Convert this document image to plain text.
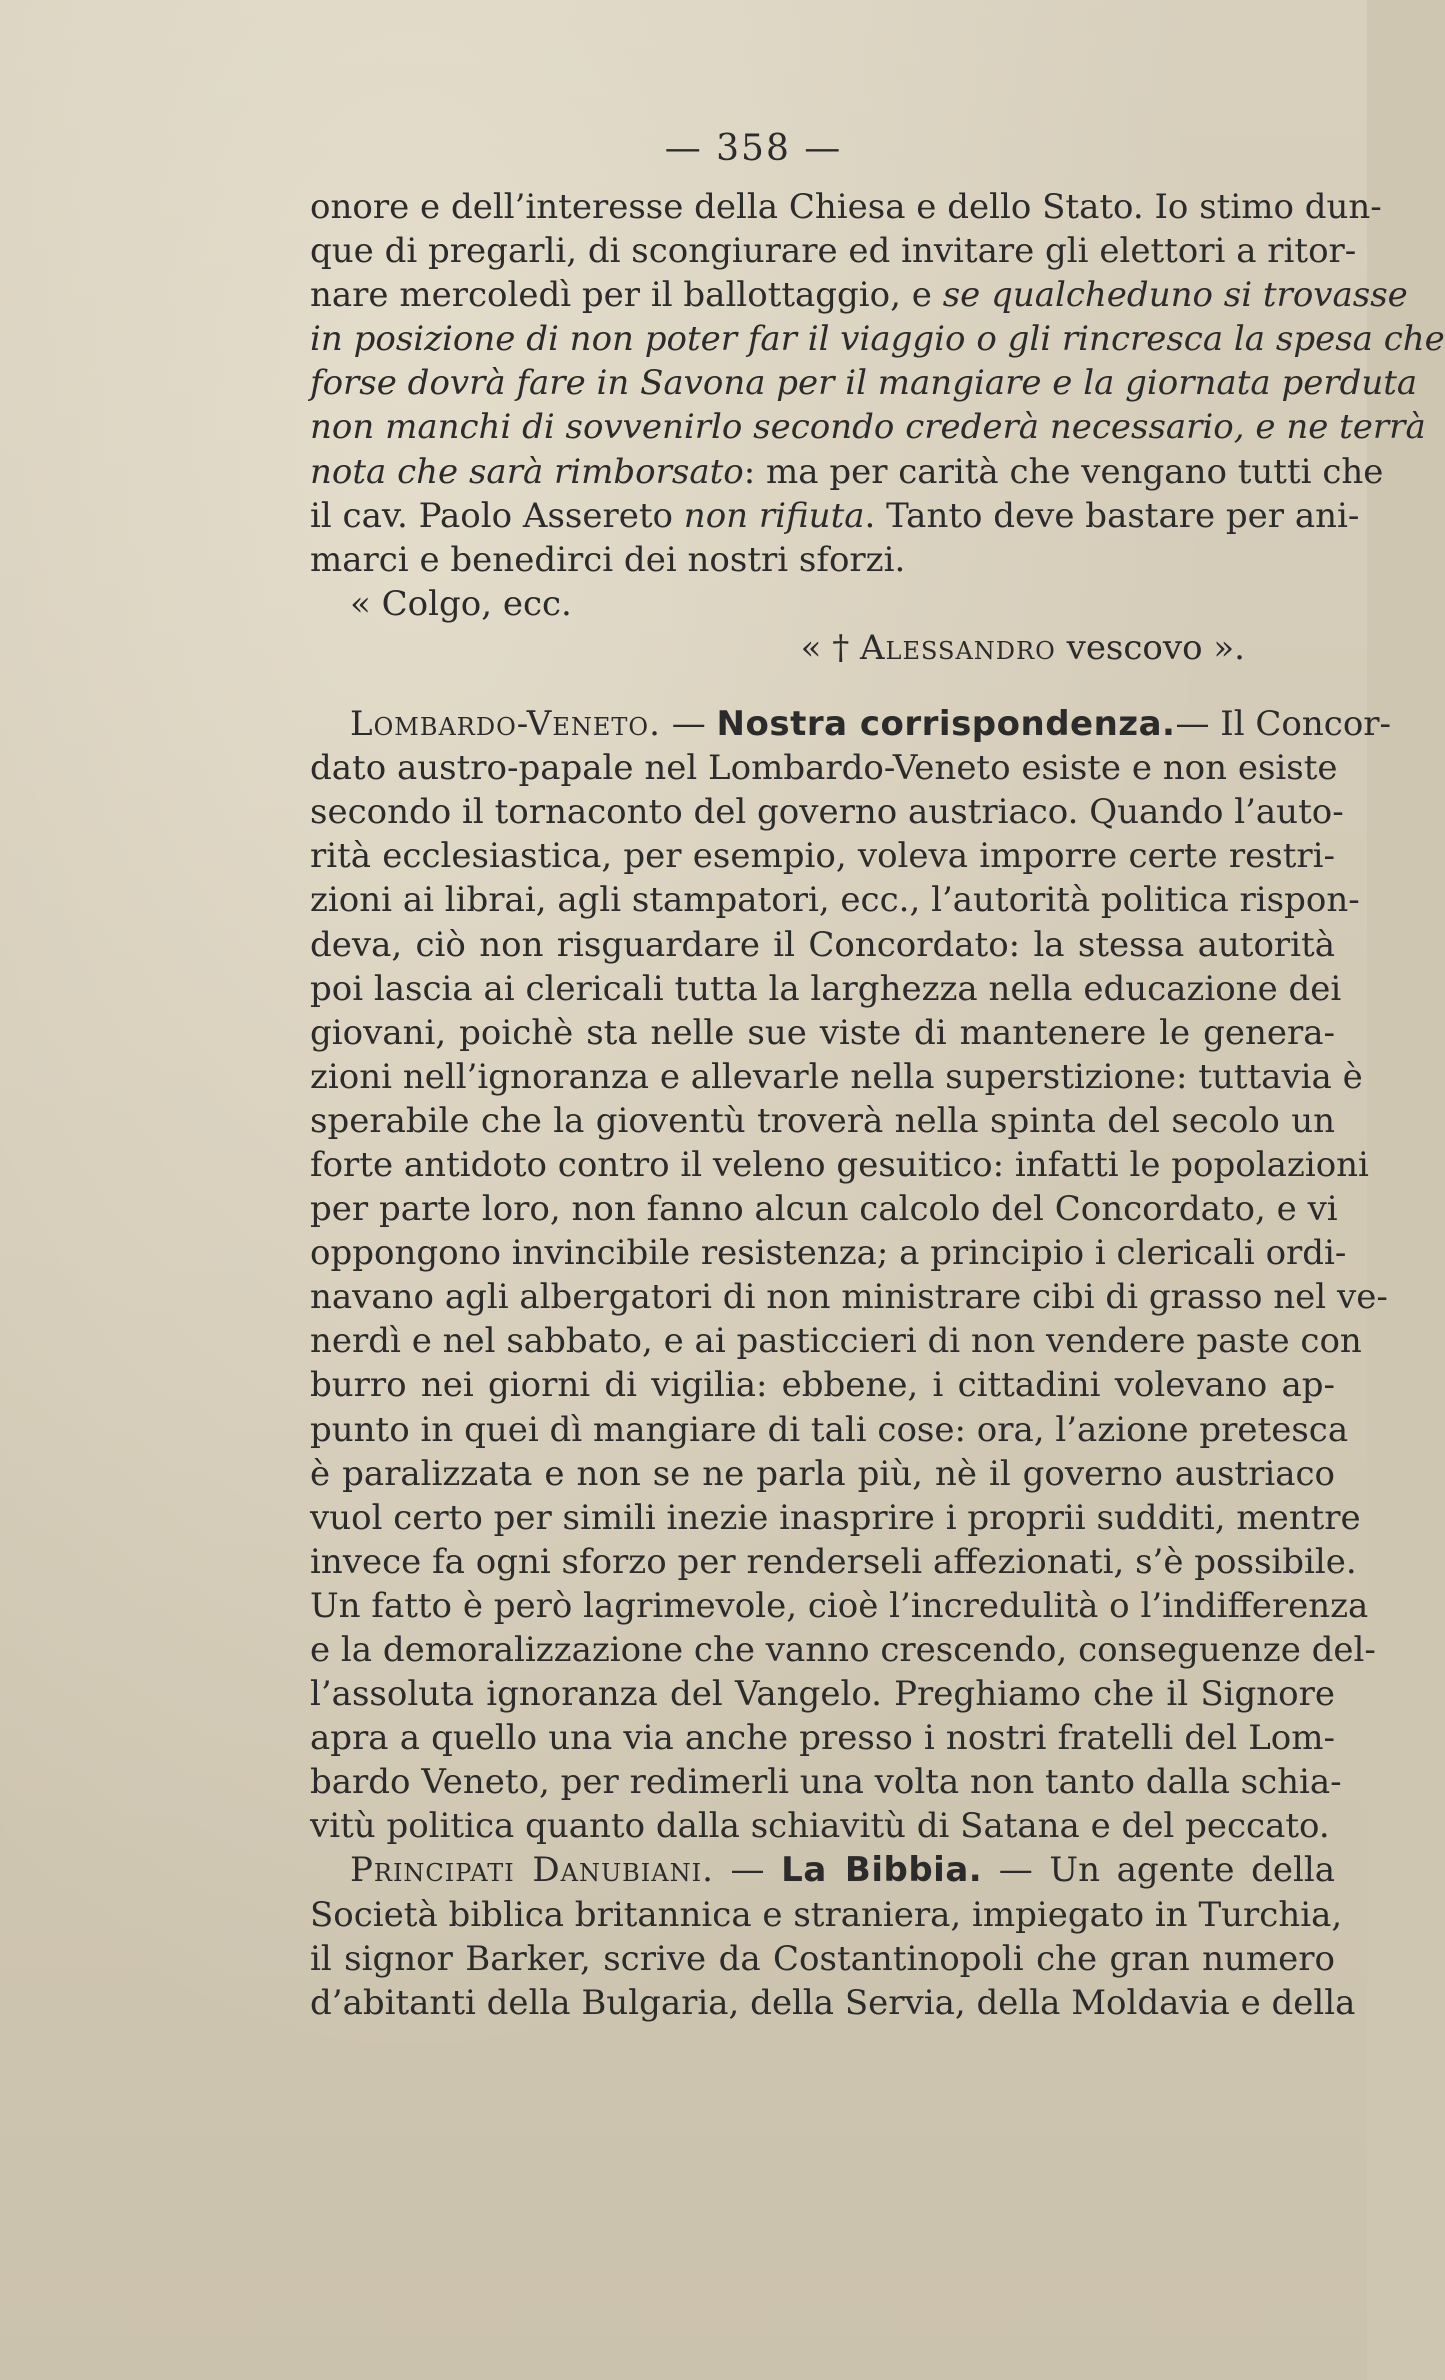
— 358 —
onore e dell’interesse della Chiesa e dello Stato. Io stimo dun-
que di pregarli, di scongiurare ed invitare gli elettori a ritor-
nare mercoledì per il ballottaggio, e se qualcheduno si trovasse
in posizione di non poter far il viaggio o gli rincresca la spesa che
forse dovrà fare in Savona per il mangiare e la giornata perduta
non manchi di sovvenirlo secondo crederà necessario, e ne terrà
nota che sarà rimborsato: ma per carità che vengano tutti che
il cav. Paolo Assereto non rifiuta. Tanto deve bastare per ani-
marci e benedirci dei nostri sforzi.
« Colgo, ecc.
« † Alessandro vescovo ».
Lombardo-Veneto. — Nostra corrispondenza.— Il Concor-
dato austro-papale nel Lombardo-Veneto esiste e non esiste
secondo il tornaconto del governo austriaco. Quando l’auto-
rità ecclesiastica, per esempio, voleva imporre certe restri-
zioni ai librai, agli stampatori, ecc., l’autorità politica rispon-
deva, ciò non risguardare il Concordato: la stessa autorità
poi lascia ai clericali tutta la larghezza nella educazione dei
giovani, poichè sta nelle sue viste di mantenere le genera-
zioni nell’ignoranza e allevarle nella superstizione: tuttavia è
sperabile che la gioventù troverà nella spinta del secolo un
forte antidoto contro il veleno gesuitico: infatti le popolazioni
per parte loro, non fanno alcun calcolo del Concordato, e vi
oppongono invincibile resistenza; a principio i clericali ordi-
navano agli albergatori di non ministrare cibi di grasso nel ve-
nerdì e nel sabbato, e ai pasticcieri di non vendere paste con
burro nei giorni di vigilia: ebbene, i cittadini volevano ap-
punto in quei dì mangiare di tali cose: ora, l’azione pretesca
è paralizzata e non se ne parla più, nè il governo austriaco
vuol certo per simili inezie inasprire i proprii sudditi, mentre
invece fa ogni sforzo per renderseli affezionati, s’è possibile.
Un fatto è però lagrimevole, cioè l’incredulità o l’indifferenza
e la demoralizzazione che vanno crescendo, conseguenze del-
l’assoluta ignoranza del Vangelo. Preghiamo che il Signore
apra a quello una via anche presso i nostri fratelli del Lom-
bardo Veneto, per redimerli una volta non tanto dalla schia-
vitù politica quanto dalla schiavitù di Satana e del peccato.
Principati Danubiani. — La Bibbia. — Un agente della
Società biblica britannica e straniera, impiegato in Turchia,
il signor Barker, scrive da Costantinopoli che gran numero
d’abitanti della Bulgaria, della Servia, della Moldavia e della
